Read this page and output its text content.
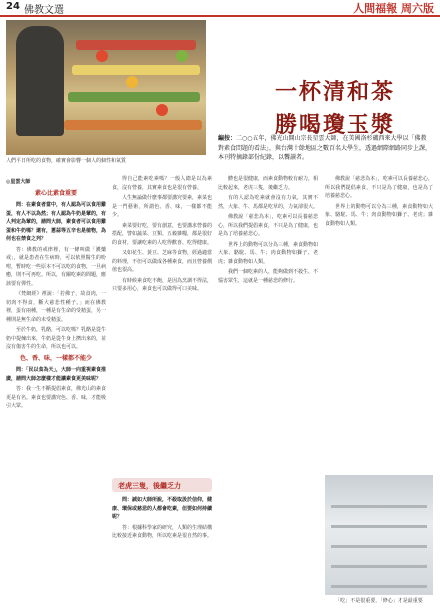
24 佛教文選	人間福報 周六版
人們平日所吃的食物，確實會影響一個人的個性和氣質
一杯清和茶
勝喝瓊玉漿
編按：二○○五年，佛光山開山宗長星雲大師，在美國洛杉磯西來大學以「佛教對素食問題的看法」，與台灣十餘地區之數百名大學生，透過網際網路同步上課，本刊特摘錄部份紀錄，以饗讀者。
◎星雲大師
素心比素食重要

問：在素食者當中，有人認為可以食用雞蛋，有人不以為然；有人認為牛奶是葷的，有人判定為葷的，請問大師，素食者可以食用雞蛋和牛奶嗎？還有，蔥蒜等五辛也是植物，為何也在禁食之列？

答：佛教的戒律裡，有一條叫做「護藥戒」，就是患者在生病時，可以依照醫生的吩咐，暫時吃一些原本不可以吃的食物，一旦病癒，則不可再吃。所以，有關吃素的問題，應該要有彈性。

《梵網經》裡說：「若佛子，故食肉，一切肉不得食，斷大慈悲性種子。」而在佛教裡，蛋有兩種，一種是有生命的受精蛋，另一種則是無生命的未受精蛋。

至於牛奶，乳酪，可以吃嗎？乳酪是從牛奶中提煉出來，牛奶是從牛身上擠出來的，並沒有傷害牛的生命，所以也可以。

色、香、味，一樣都不能少

問：「民以食為天」，大師一向重視素食推廣，請問大師怎麼樣才能讓素食更美味呢？

答：我一生不斷提倡素食，佛光山的素食更是有名。素食也要講究色、香、味，才能吸引大眾。

得自己能素吃素嗎？一般人總是以為素食，沒有營養，其實素食也是很有營養。

人生無論做什麼事都要講究要素，素菜也是一門藝術，所謂色、香、味，一樣都不能少。

素菜要好吃，要有創意，也要講求營養的搭配，譬如蔬菜、豆類、五穀雜糧，都是很好的食材，要讓吃素的人吃得歡喜、吃得健康。

又如花生、黃豆、芝麻等食物，經過適當的料理，不但可以做成各種素食，而且營養價值也很高。

有時候素食吃不飽，是因為烹調不得法，只要多用心，素食也可以做得可口美味。

老虎三隻，後繼乏力

問：誠如大師所說，不殺取汲於信仰，健康、環保或慈悲的人都會吃素，但要如何持續呢？

答：根據科學家的研究，人類的生理結構比較接近素食動物，所以吃素是很自然的事。

體也是很健康，而素食動物較有耐力，相比較起來，老虎三隻，後繼乏力。

有的人認為吃素就會沒有力氣，其實不然，大象、牛、馬都是吃草的，力氣卻很大。

佛教說「慈悲為本」，吃素可以長養慈悲心，所以我們提倡素食，不只是為了健康，也是為了培養慈悲心。

世界上的動物可以分為三種，素食動物如大象、駱駝、馬、牛；肉食動物如獅子、老虎；雜食動物如人類。

我們一個吃素的人，能夠做到不殺生、不惱害眾生，這就是一種慈悲的修行。

佛教說「慈悲為本」，吃素可以長養慈悲心，所以我們提倡素食，不只是為了健康，也是為了培養慈悲心。

世界上的動物可以分為三種，素食動物如大象、駱駝、馬、牛；肉食動物如獅子、老虎；雜食動物如人類。

「吃」不是很重要，「修心」才是最重要
